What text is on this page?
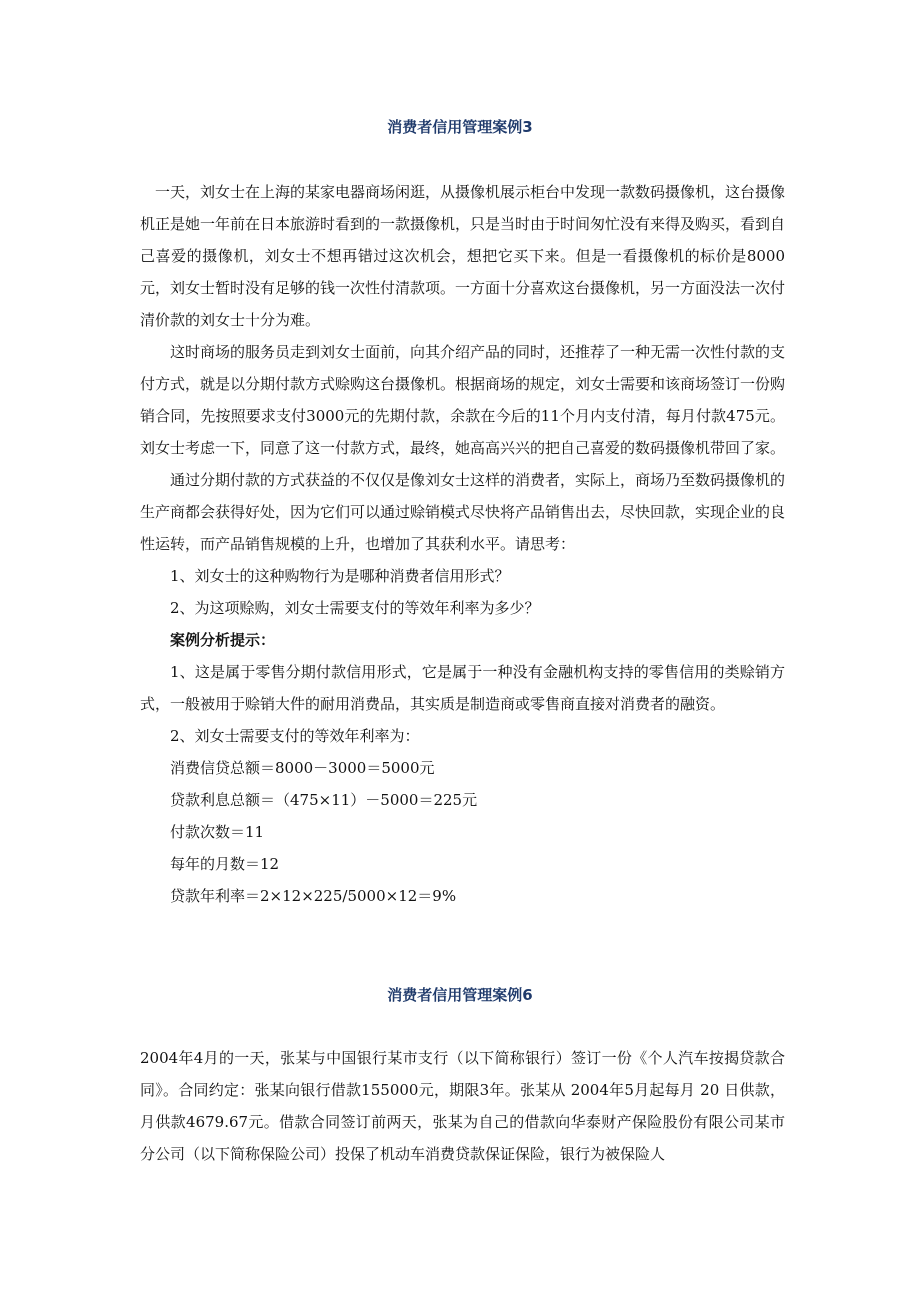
消费者信用管理案例3

一天，刘女士在上海的某家电器商场闲逛，从摄像机展示柜台中发现一款数码摄像机，这台摄像机正是她一年前在日本旅游时看到的一款摄像机，只是当时由于时间匆忙没有来得及购买，看到自己喜爱的摄像机，刘女士不想再错过这次机会，想把它买下来。但是一看摄像机的标价是8000元，刘女士暂时没有足够的钱一次性付清款项。一方面十分喜欢这台摄像机，另一方面没法一次付清价款的刘女士十分为难。

这时商场的服务员走到刘女士面前，向其介绍产品的同时，还推荐了一种无需一次性付款的支付方式，就是以分期付款方式赊购这台摄像机。根据商场的规定，刘女士需要和该商场签订一份购销合同，先按照要求支付3000元的先期付款，余款在今后的11个月内支付清，每月付款475元。刘女士考虑一下，同意了这一付款方式，最终，她高高兴兴的把自己喜爱的数码摄像机带回了家。

通过分期付款的方式获益的不仅仅是像刘女士这样的消费者，实际上，商场乃至数码摄像机的生产商都会获得好处，因为它们可以通过赊销模式尽快将产品销售出去，尽快回款，实现企业的良性运转，而产品销售规模的上升，也增加了其获利水平。请思考：

1、刘女士的这种购物行为是哪种消费者信用形式？

2、为这项赊购，刘女士需要支付的等效年利率为多少？

案例分析提示：

1、这是属于零售分期付款信用形式，它是属于一种没有金融机构支持的零售信用的类赊销方式，一般被用于赊销大件的耐用消费品，其实质是制造商或零售商直接对消费者的融资。

2、刘女士需要支付的等效年利率为：

消费信贷总额＝8000－3000＝5000元

贷款利息总额＝（475×11）－5000＝225元

付款次数＝11

每年的月数＝12

贷款年利率＝2×12×225/5000×12＝9%

消费者信用管理案例6

2004年4月的一天，张某与中国银行某市支行（以下简称银行）签订一份《个人汽车按揭贷款合同》。合同约定：张某向银行借款155000元，期限3年。张某从 2004年5月起每月 20 日供款，月供款4679.67元。借款合同签订前两天，张某为自己的借款向华泰财产保险股份有限公司某市分公司（以下简称保险公司）投保了机动车消费贷款保证保险，银行为被保险人
